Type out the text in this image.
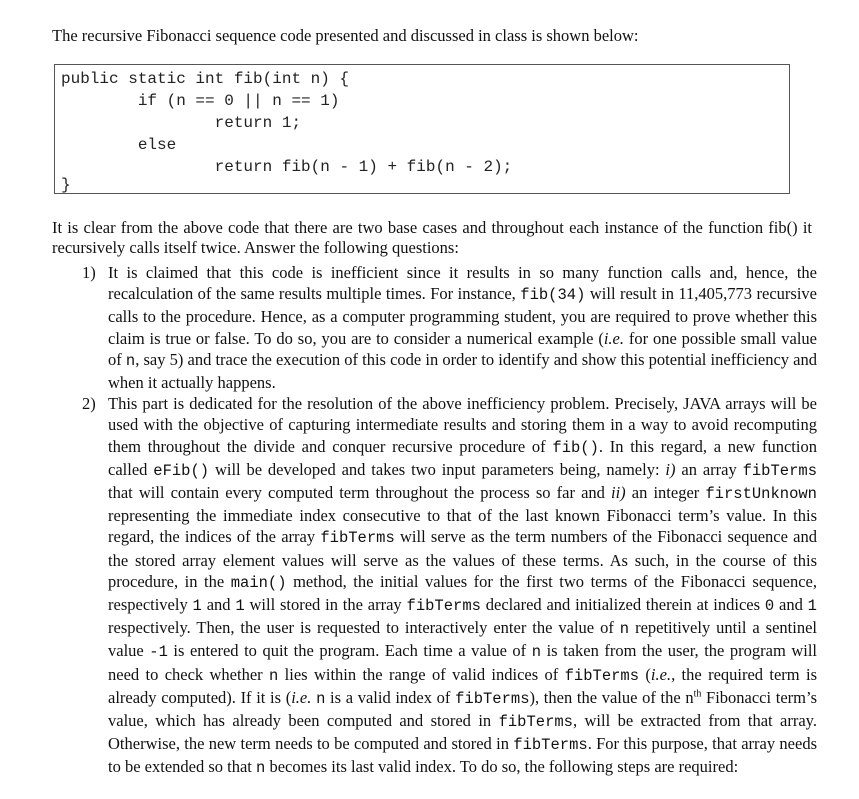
The recursive Fibonacci sequence code presented and discussed in class is shown below:

public static int fib(int n) {
if (n == 0 || n == 1)
return 1;
else
return fib(n - 1) + fib(n - 2);
}

It is clear from the above code that there are two base cases and throughout each instance of the function fib() it recursively calls itself twice. Answer the following questions:

1) It is claimed that this code is inefficient since it results in so many function calls and, hence, the recalculation of the same results multiple times. For instance, fib(34) will result in 11,405,773 recursive calls to the procedure. Hence, as a computer programming student, you are required to prove whether this claim is true or false. To do so, you are to consider a numerical example (i.e. for one possible small value of n, say 5) and trace the execution of this code in order to identify and show this potential inefficiency and when it actually happens.
2) This part is dedicated for the resolution of the above inefficiency problem. Precisely, JAVA arrays will be used with the objective of capturing intermediate results and storing them in a way to avoid recomputing them throughout the divide and conquer recursive procedure of fib(). In this regard, a new function called eFib() will be developed and takes two input parameters being, namely: i) an array fibTerms that will contain every computed term throughout the process so far and ii) an integer firstUnknown representing the immediate index consecutive to that of the last known Fibonacci term’s value. In this regard, the indices of the array fibTerms will serve as the term numbers of the Fibonacci sequence and the stored array element values will serve as the values of these terms. As such, in the course of this procedure, in the main() method, the initial values for the first two terms of the Fibonacci sequence, respectively 1 and 1 will stored in the array fibTerms declared and initialized therein at indices 0 and 1 respectively. Then, the user is requested to interactively enter the value of n repetitively until a sentinel value -1 is entered to quit the program. Each time a value of n is taken from the user, the program will need to check whether n lies within the range of valid indices of fibTerms (i.e., the required term is already computed). If it is (i.e. n is a valid index of fibTerms), then the value of the $n^{th}$ Fibonacci term’s value, which has already been computed and stored in fibTerms, will be extracted from that array. Otherwise, the new term needs to be computed and stored in fibTerms. For this purpose, that array needs to be extended so that n becomes its last valid index. To do so, the following steps are required:
